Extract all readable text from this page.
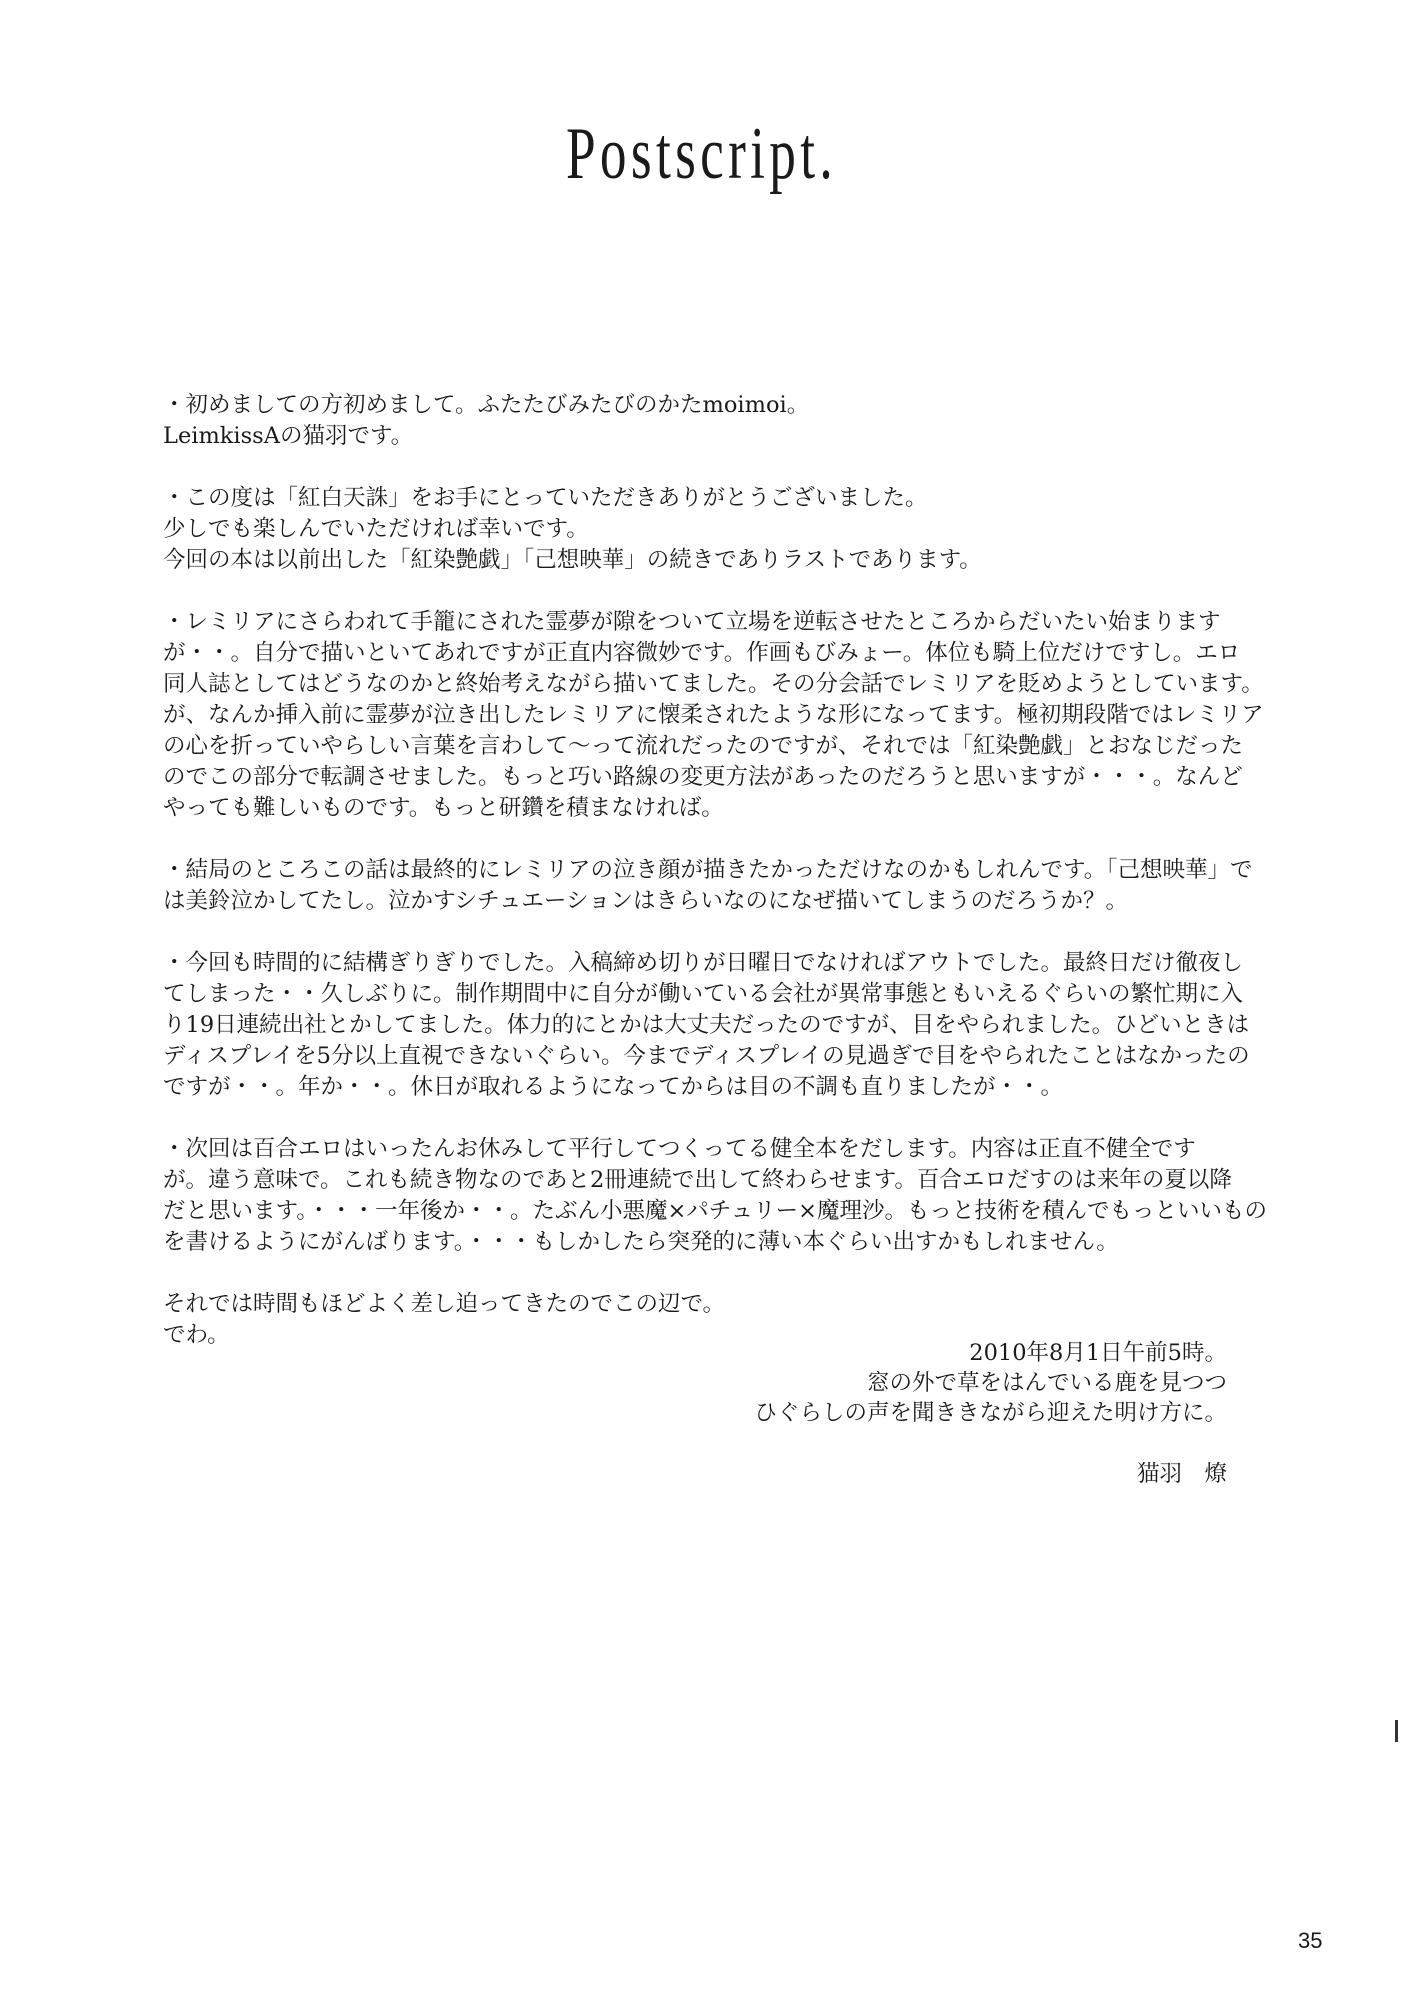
Postscript.
・初めましての方初めまして。ふたたびみたびのかたmoimoi。
LeimkissAの猫羽です。
・この度は「紅白天誅」をお手にとっていただきありがとうございました。
少しでも楽しんでいただければ幸いです。
今回の本は以前出した「紅染艶戯」「己想映華」の続きでありラストであります。
・レミリアにさらわれて手籠にされた霊夢が隙をついて立場を逆転させたところからだいたい始まります
が・・。自分で描いといてあれですが正直内容微妙です。作画もびみょー。体位も騎上位だけですし。エロ
同人誌としてはどうなのかと終始考えながら描いてました。その分会話でレミリアを貶めようとしています。
が、なんか挿入前に霊夢が泣き出したレミリアに懐柔されたような形になってます。極初期段階ではレミリア
の心を折っていやらしい言葉を言わして～って流れだったのですが、それでは「紅染艶戯」とおなじだった
のでこの部分で転調させました。もっと巧い路線の変更方法があったのだろうと思いますが・・・。なんど
やっても難しいものです。もっと研鑽を積まなければ。
・結局のところこの話は最終的にレミリアの泣き顔が描きたかっただけなのかもしれんです。「己想映華」で
は美鈴泣かしてたし。泣かすシチュエーションはきらいなのになぜ描いてしまうのだろうか？。
・今回も時間的に結構ぎりぎりでした。入稿締め切りが日曜日でなければアウトでした。最終日だけ徹夜し
てしまった・・久しぶりに。制作期間中に自分が働いている会社が異常事態ともいえるぐらいの繁忙期に入
り19日連続出社とかしてました。体力的にとかは大丈夫だったのですが、目をやられました。ひどいときは
ディスプレイを5分以上直視できないぐらい。今までディスプレイの見過ぎで目をやられたことはなかったの
ですが・・。年か・・。休日が取れるようになってからは目の不調も直りましたが・・。
・次回は百合エロはいったんお休みして平行してつくってる健全本をだします。内容は正直不健全です
が。違う意味で。これも続き物なのであと2冊連続で出して終わらせます。百合エロだすのは来年の夏以降
だと思います。・・・一年後か・・。たぶん小悪魔×パチュリー×魔理沙。もっと技術を積んでもっといいもの
を書けるようにがんばります。・・・もしかしたら突発的に薄い本ぐらい出すかもしれません。
それでは時間もほどよく差し迫ってきたのでこの辺で。
でわ。
2010年8月1日午前5時。
窓の外で草をはんでいる鹿を見つつ
ひぐらしの声を聞ききながら迎えた明け方に。
猫羽　燎
35
